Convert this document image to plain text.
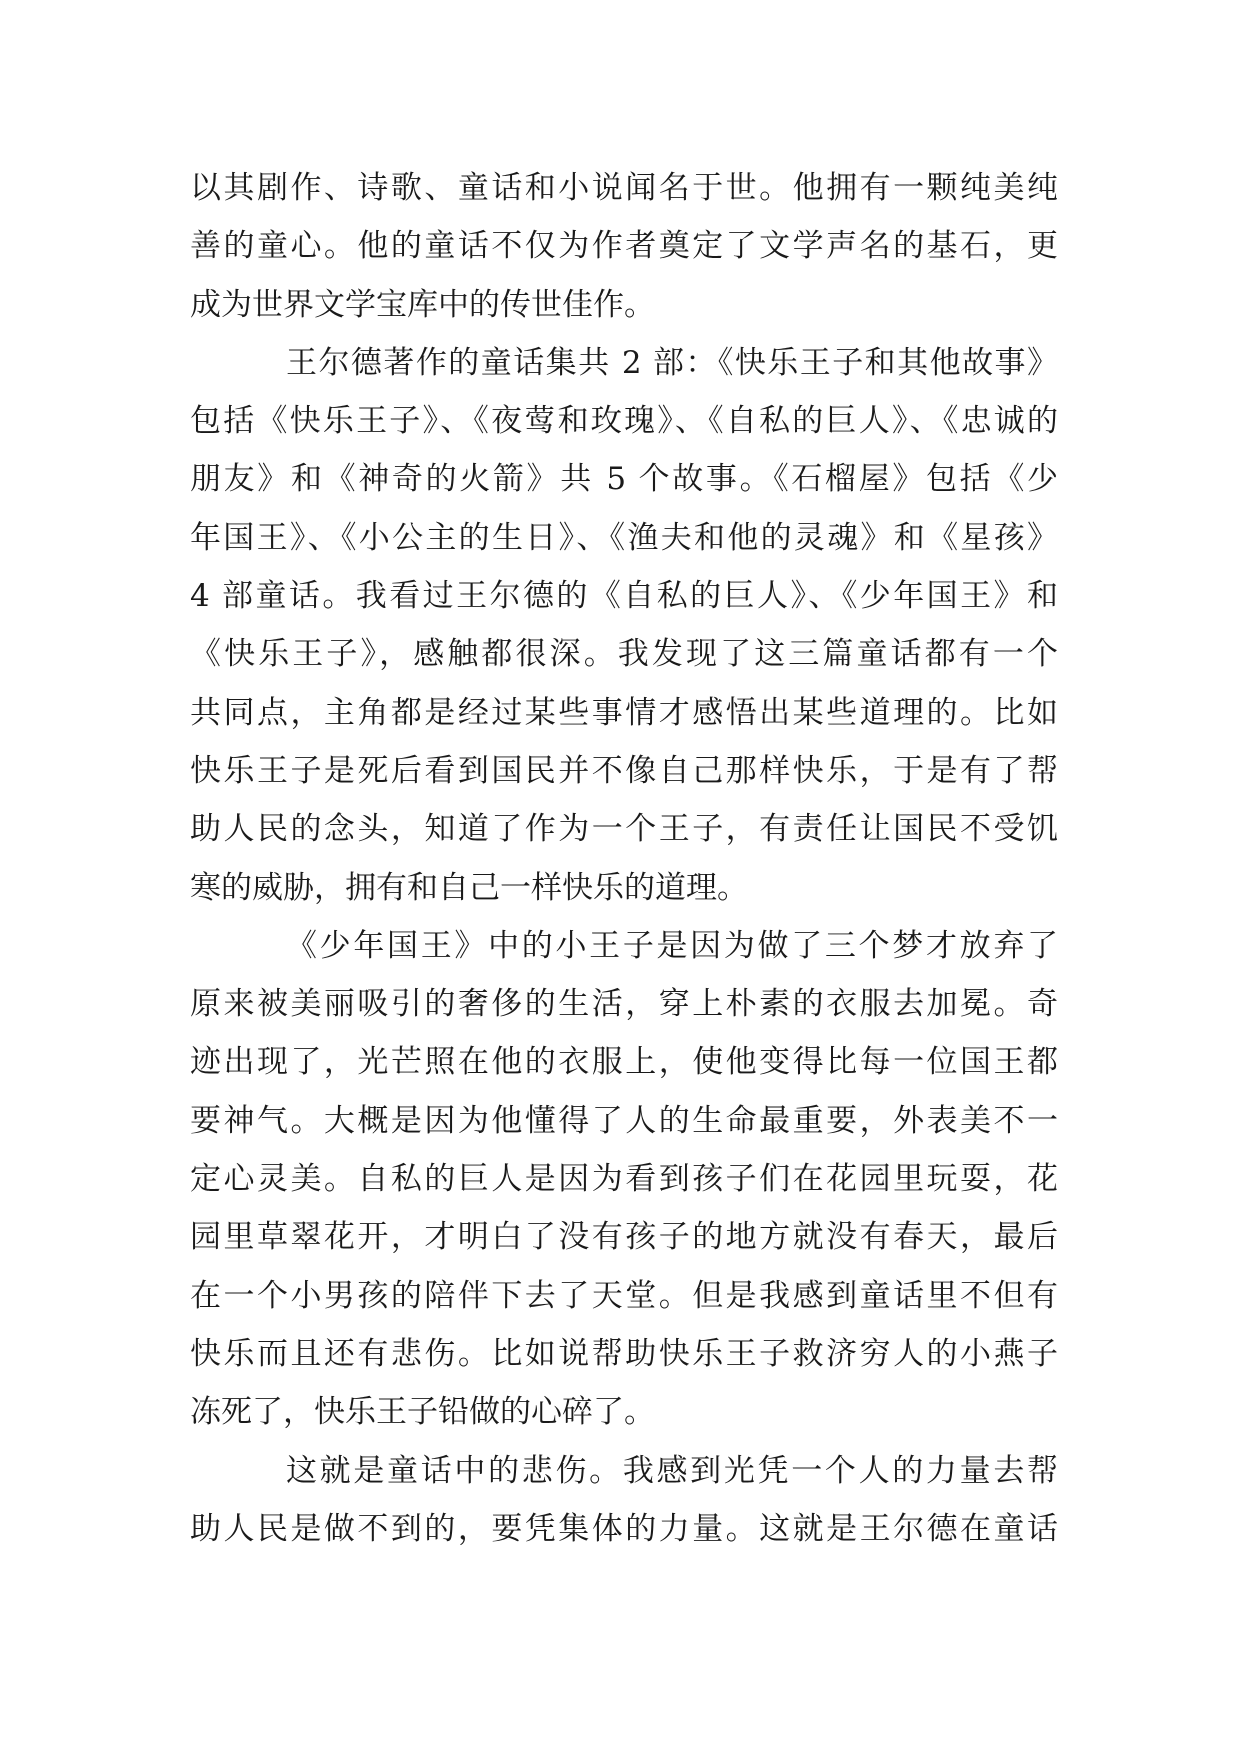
以其剧作、诗歌、童话和小说闻名于世。他拥有一颗纯美纯
善的童心。他的童话不仅为作者奠定了文学声名的基石，更
成为世界文学宝库中的传世佳作。
王尔德著作的童话集共 2 部：《快乐王子和其他故事》
包括《快乐王子》、《夜莺和玫瑰》、《自私的巨人》、《忠诚的
朋友》和《神奇的火箭》共 5 个故事。《石榴屋》包括《少
年国王》、《小公主的生日》、《渔夫和他的灵魂》和《星孩》
4 部童话。我看过王尔德的《自私的巨人》、《少年国王》和
《快乐王子》，感触都很深。我发现了这三篇童话都有一个
共同点，主角都是经过某些事情才感悟出某些道理的。比如
快乐王子是死后看到国民并不像自己那样快乐，于是有了帮
助人民的念头，知道了作为一个王子，有责任让国民不受饥
寒的威胁，拥有和自己一样快乐的道理。
《少年国王》中的小王子是因为做了三个梦才放弃了
原来被美丽吸引的奢侈的生活，穿上朴素的衣服去加冕。奇
迹出现了，光芒照在他的衣服上，使他变得比每一位国王都
要神气。大概是因为他懂得了人的生命最重要，外表美不一
定心灵美。自私的巨人是因为看到孩子们在花园里玩耍，花
园里草翠花开，才明白了没有孩子的地方就没有春天，最后
在一个小男孩的陪伴下去了天堂。但是我感到童话里不但有
快乐而且还有悲伤。比如说帮助快乐王子救济穷人的小燕子
冻死了，快乐王子铅做的心碎了。
这就是童话中的悲伤。我感到光凭一个人的力量去帮
助人民是做不到的，要凭集体的力量。这就是王尔德在童话
